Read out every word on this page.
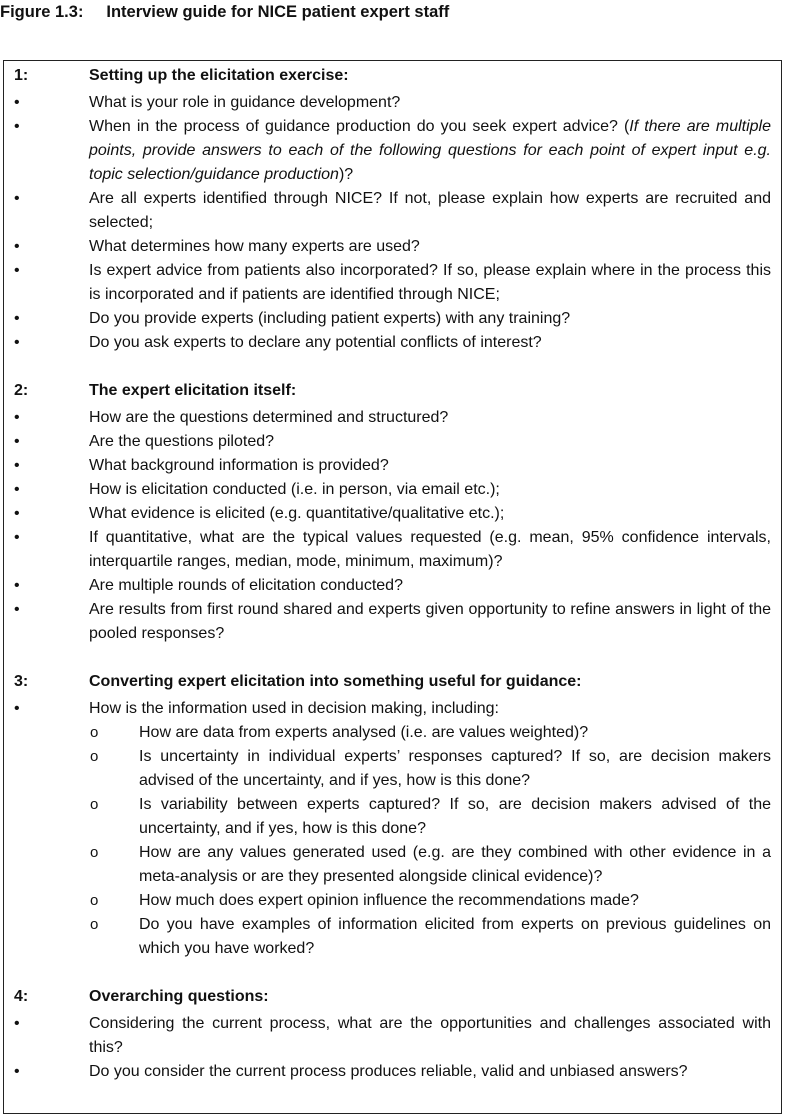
Figure 1.3: Interview guide for NICE patient expert staff
1:	Setting up the elicitation exercise:
•	What is your role in guidance development?
•	When in the process of guidance production do you seek expert advice? (If there are multiple points, provide answers to each of the following questions for each point of expert input e.g. topic selection/guidance production)?
•	Are all experts identified through NICE? If not, please explain how experts are recruited and selected;
•	What determines how many experts are used?
•	Is expert advice from patients also incorporated? If so, please explain where in the process this is incorporated and if patients are identified through NICE;
•	Do you provide experts (including patient experts) with any training?
•	Do you ask experts to declare any potential conflicts of interest?
2:	The expert elicitation itself:
•	How are the questions determined and structured?
•	Are the questions piloted?
•	What background information is provided?
•	How is elicitation conducted (i.e. in person, via email etc.);
•	What evidence is elicited (e.g. quantitative/qualitative etc.);
•	If quantitative, what are the typical values requested (e.g. mean, 95% confidence intervals, interquartile ranges, median, mode, minimum, maximum)?
•	Are multiple rounds of elicitation conducted?
•	Are results from first round shared and experts given opportunity to refine answers in light of the pooled responses?
3:	Converting expert elicitation into something useful for guidance:
•	How is the information used in decision making, including:
o	How are data from experts analysed (i.e. are values weighted)?
o	Is uncertainty in individual experts’ responses captured? If so, are decision makers advised of the uncertainty, and if yes, how is this done?
o	Is variability between experts captured? If so, are decision makers advised of the uncertainty, and if yes, how is this done?
o	How are any values generated used (e.g. are they combined with other evidence in a meta-analysis or are they presented alongside clinical evidence)?
o	How much does expert opinion influence the recommendations made?
o	Do you have examples of information elicited from experts on previous guidelines on which you have worked?
4:	Overarching questions:
•	Considering the current process, what are the opportunities and challenges associated with this?
•	Do you consider the current process produces reliable, valid and unbiased answers?
